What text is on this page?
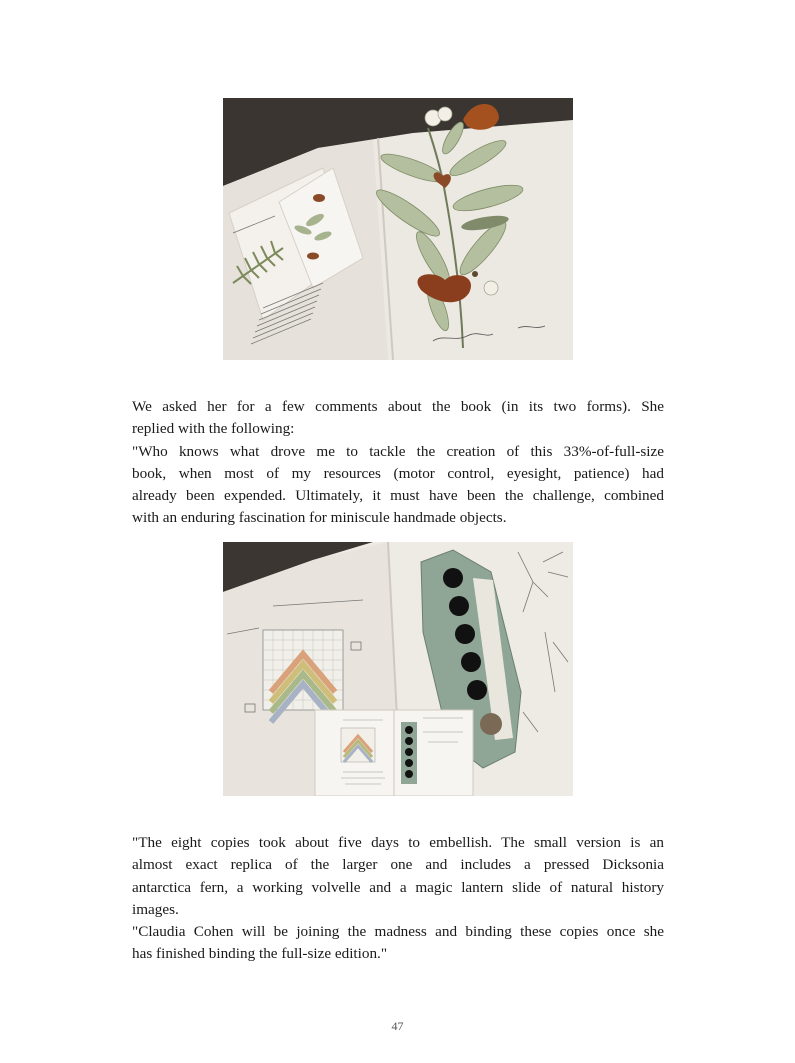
We asked her for a few comments about the book (in its two forms). She
replied with the following:
"Who knows what drove me to tackle the creation of this 33%-of-full-size
book, when most of my resources (motor control, eyesight, patience) had
already been expended. Ultimately, it must have been the challenge, combined
with an enduring fascination for miniscule handmade objects.

"The eight copies took about five days to embellish. The small version is an
almost exact replica of the larger one and includes a pressed Dicksonia
antarctica fern, a working volvelle and a magic lantern slide of natural history
images.
"Claudia Cohen will be joining the madness and binding these copies once she
has finished binding the full-size edition."

47
